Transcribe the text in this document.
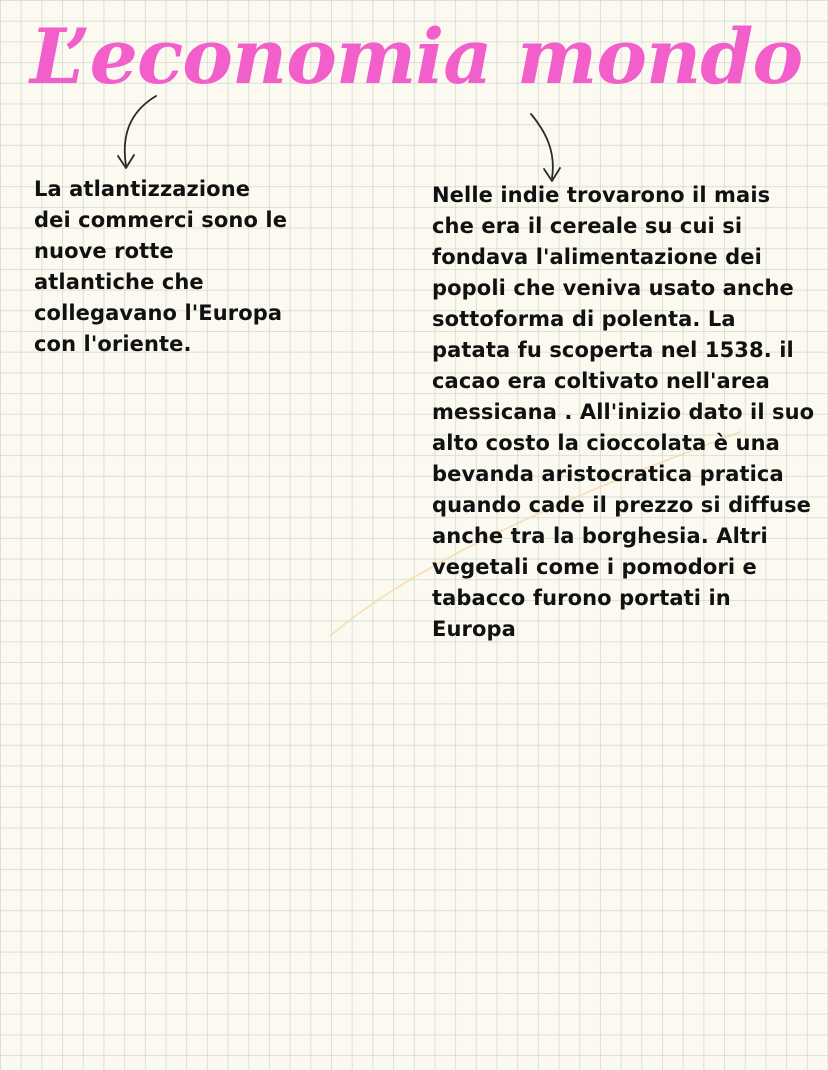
L’economia mondo

La atlantizzazione dei commerci sono le nuove rotte atlantiche che collegavano l'Europa con l'oriente.

Nelle indie trovarono il mais che era il cereale su cui si fondava l'alimentazione dei popoli che veniva usato anche sottoforma di polenta. La patata fu scoperta nel 1538. il cacao era coltivato nell'area messicana . All'inizio dato il suo alto costo la cioccolata è una bevanda aristocratica pratica quando cade il prezzo si diffuse anche tra la borghesia. Altri vegetali come i pomodori e tabacco furono portati in Europa
